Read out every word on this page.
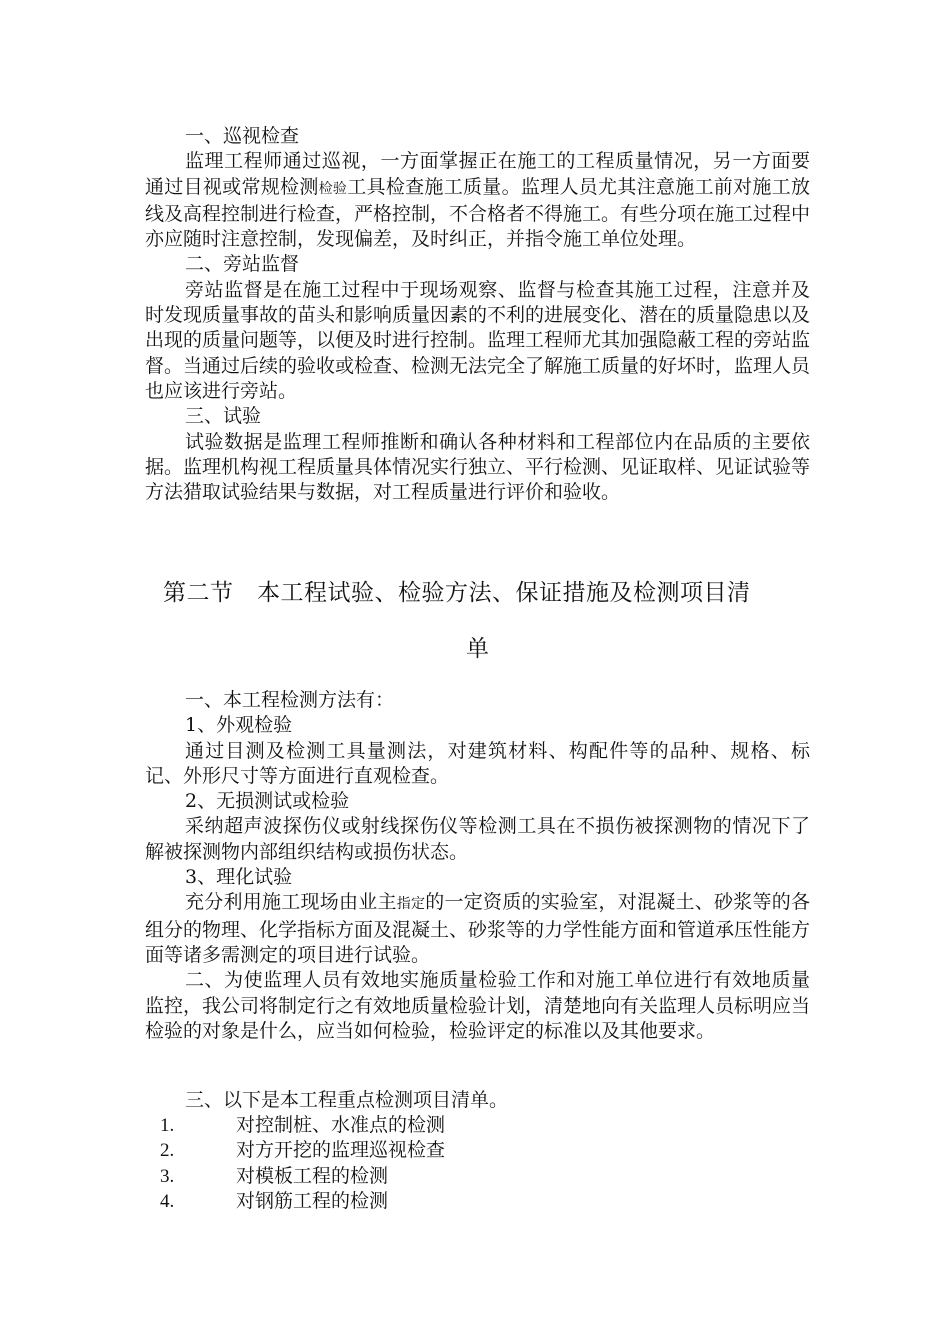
一、巡视检查

监理工程师通过巡视，一方面掌握正在施工的工程质量情况，另一方面要通过目视或常规检测检验工具检查施工质量。监理人员尤其注意施工前对施工放线及高程控制进行检查，严格控制，不合格者不得施工。有些分项在施工过程中亦应随时注意控制，发现偏差，及时纠正，并指令施工单位处理。

二、旁站监督

旁站监督是在施工过程中于现场观察、监督与检查其施工过程，注意并及时发现质量事故的苗头和影响质量因素的不利的进展变化、潜在的质量隐患以及出现的质量问题等，以便及时进行控制。监理工程师尤其加强隐蔽工程的旁站监督。当通过后续的验收或检查、检测无法完全了解施工质量的好坏时，监理人员也应该进行旁站。

三、试验

试验数据是监理工程师推断和确认各种材料和工程部位内在品质的主要依据。监理机构视工程质量具体情况实行独立、平行检测、见证取样、见证试验等方法猎取试验结果与数据，对工程质量进行评价和验收。

第二节　本工程试验、检验方法、保证措施及检测项目清
单

一、本工程检测方法有：

1、外观检验

通过目测及检测工具量测法，对建筑材料、构配件等的品种、规格、标记、外形尺寸等方面进行直观检查。

2、无损测试或检验

采纳超声波探伤仪或射线探伤仪等检测工具在不损伤被探测物的情况下了解被探测物内部组织结构或损伤状态。

3、理化试验

充分利用施工现场由业主指定的一定资质的实验室，对混凝土、砂浆等的各组分的物理、化学指标方面及混凝土、砂浆等的力学性能方面和管道承压性能方面等诸多需测定的项目进行试验。

二、为使监理人员有效地实施质量检验工作和对施工单位进行有效地质量监控，我公司将制定行之有效地质量检验计划，清楚地向有关监理人员标明应当检验的对象是什么，应当如何检验，检验评定的标准以及其他要求。

三、以下是本工程重点检测项目清单。

1.	对控制桩、水准点的检测
2.	对方开挖的监理巡视检查
3.	对模板工程的检测
4.	对钢筋工程的检测
